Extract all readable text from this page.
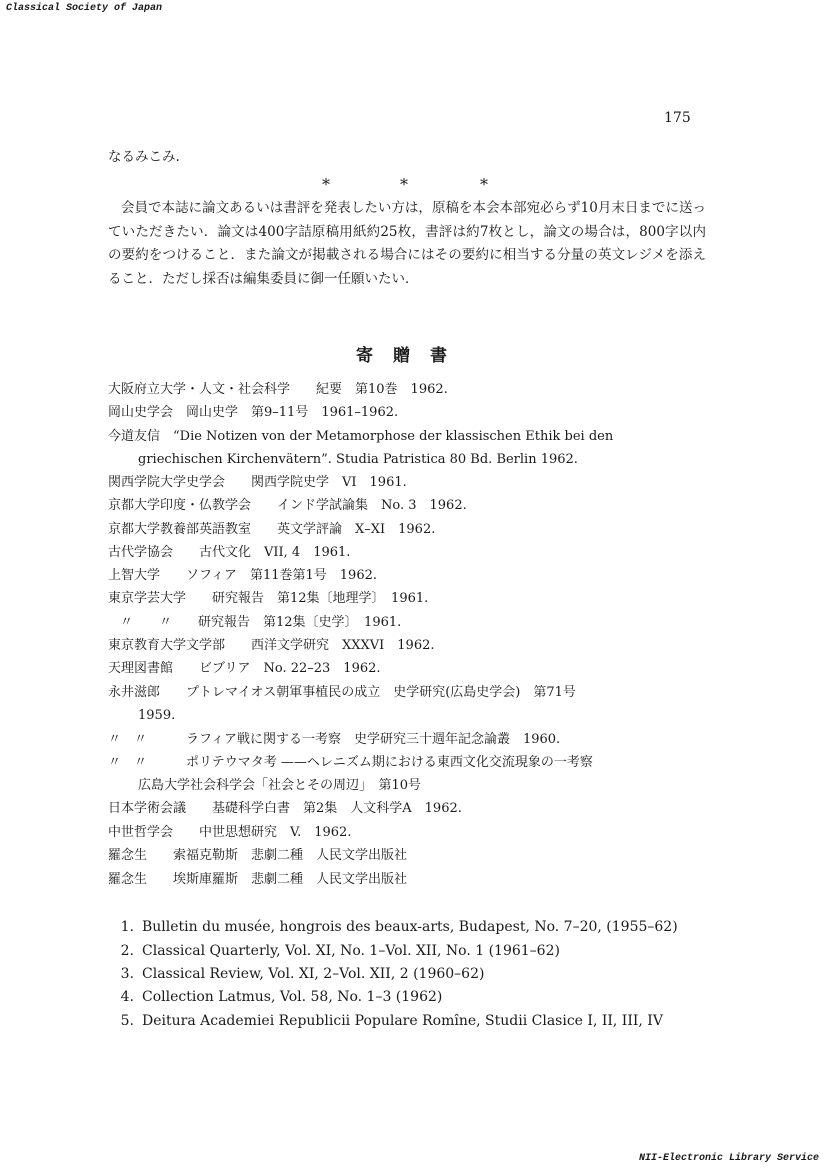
Classical Society of Japan
175
なるみこみ.
*	*	*

会員で本誌に論文あるいは書評を発表したい方は，原稿を本会本部宛必らず10月末日までに送っていただきたい．論文は400字詰原稿用紙約25枚，書評は約7枚とし，論文の場合は，800字以内の要約をつけること．また論文が掲載される場合にはその要約に相当する分量の英文レジメを添えること．ただし採否は編集委員に御一任願いたい．

寄贈書
大阪府立大学・人文・社会科学　　紀要　第10巻　1962.
岡山史学会　岡山史学　第9–11号　1961–1962.
今道友信　“Die Notizen von der Metamorphose der klassischen Ethik bei den
griechischen Kirchenvätern”. Studia Patristica 80 Bd. Berlin 1962.
関西学院大学史学会　　関西学院史学　VI　1961.
京都大学印度・仏教学会　　インド学試論集　No. 3　1962.
京都大学教養部英語教室　　英文学評論　X–XI　1962.
古代学協会　　古代文化　VII, 4　1961.
上智大学　　ソフィア　第11巻第1号　1962.
東京学芸大学　　研究報告　第12集〔地理学〕　1961.
〃　　〃　　研究報告　第12集〔史学〕　1961.
東京教育大学文学部　　西洋文学研究　XXXVI　1962.
天理図書館　　ビブリア　No. 22–23　1962.
永井滋郎　　プトレマイオス朝軍事植民の成立　史学研究(広島史学会)　第71号
1959.
〃　〃　　　ラフィア戦に関する一考察　史学研究三十週年記念論叢　1960.
〃　〃　　　ポリテウマタ考 ——ヘレニズム期における東西文化交流現象の一考察
広島大学社会科学会「社会とその周辺」　第10号
日本学術会議　　基礎科学白書　第2集　人文科学A　1962.
中世哲学会　　中世思想研究　V.　1962.
羅念生　　索福克勒斯　悲劇二種　人民文学出版社
羅念生　　埃斯庫羅斯　悲劇二種　人民文学出版社
1. Bulletin du musée, hongrois des beaux-arts, Budapest, No. 7–20, (1955–62)
2. Classical Quarterly, Vol. XI, No. 1–Vol. XII, No. 1 (1961–62)
3. Classical Review, Vol. XI, 2–Vol. XII, 2 (1960–62)
4. Collection Latmus, Vol. 58, No. 1–3 (1962)
5. Deitura Academiei Republicii Populare Romîne, Studii Clasice I, II, III, IV
NII-Electronic Library Service
